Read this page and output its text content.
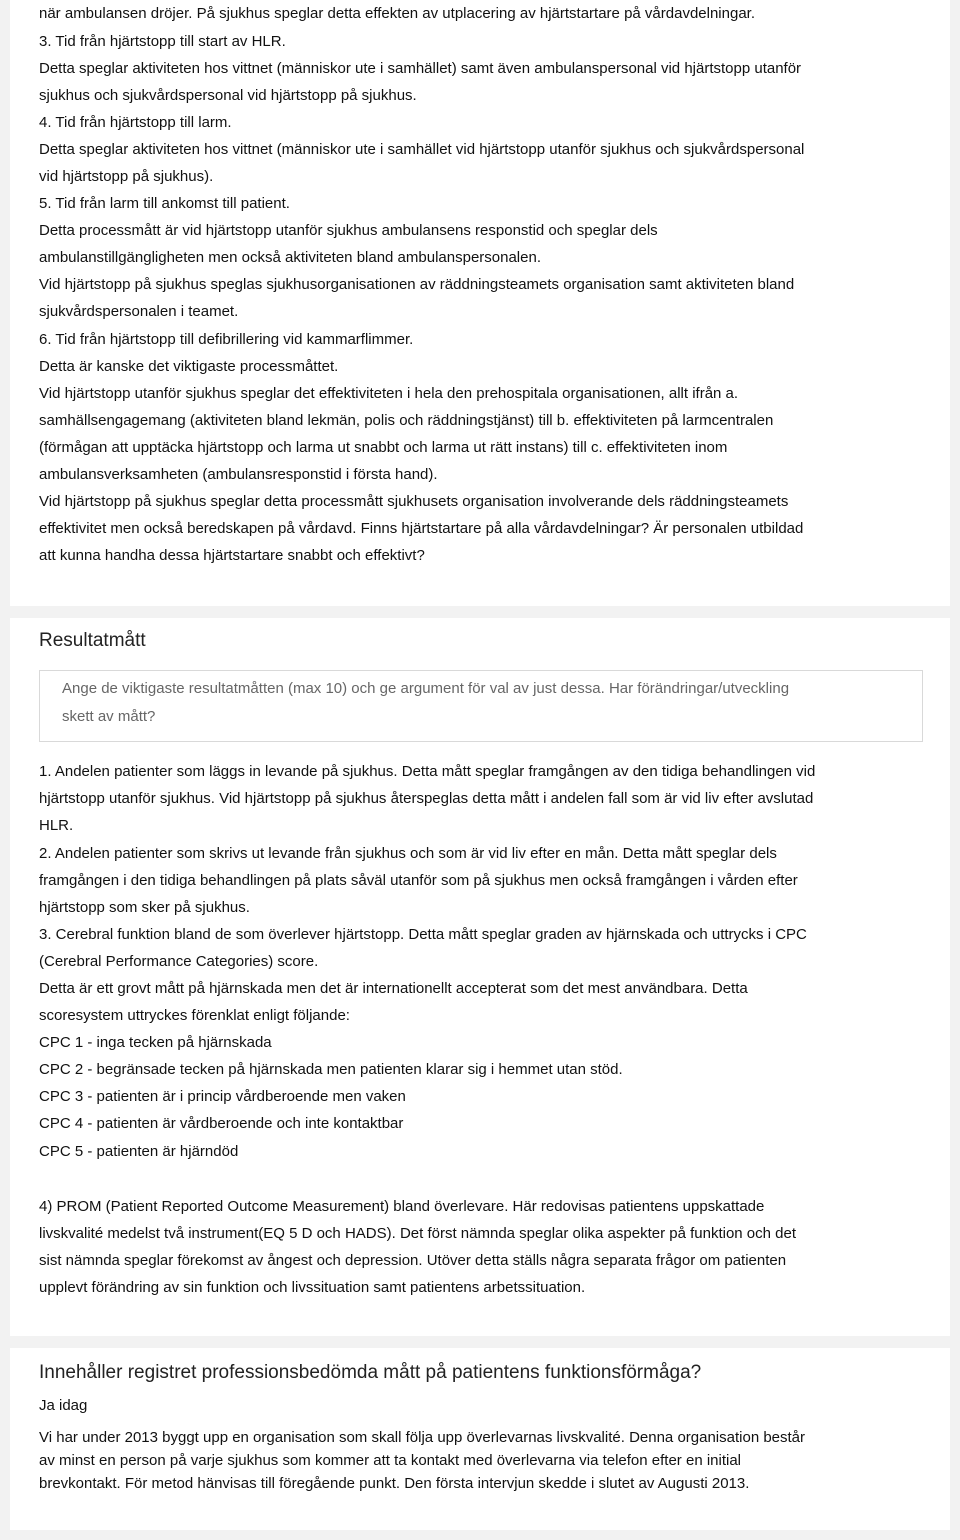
när ambulansen dröjer. På sjukhus speglar detta effekten av utplacering av hjärtstartare på vårdavdelningar.
3. Tid från hjärtstopp till start av HLR.
Detta speglar aktiviteten hos vittnet (människor ute i samhället) samt även ambulanspersonal vid hjärtstopp utanför
sjukhus och sjukvårdspersonal vid hjärtstopp på sjukhus.
4. Tid från hjärtstopp till larm.
Detta speglar aktiviteten hos vittnet (människor ute i samhället vid hjärtstopp utanför sjukhus och sjukvårdspersonal
vid hjärtstopp på sjukhus).
5. Tid från larm till ankomst till patient.
Detta processmått är vid hjärtstopp utanför sjukhus ambulansens responstid och speglar dels
ambulanstillgängligheten men också aktiviteten bland ambulanspersonalen.
Vid hjärtstopp på sjukhus speglas sjukhusorganisationen av räddningsteamets organisation samt aktiviteten bland
sjukvårdspersonalen i teamet.
6. Tid från hjärtstopp till defibrillering vid kammarflimmer.
Detta är kanske det viktigaste processmåttet.
Vid hjärtstopp utanför sjukhus speglar det effektiviteten i hela den prehospitala organisationen, allt ifrån a.
samhällsengagemang (aktiviteten bland lekmän, polis och räddningstjänst) till b. effektiviteten på larmcentralen
(förmågan att upptäcka hjärtstopp och larma ut snabbt och larma ut rätt instans) till c. effektiviteten inom
ambulansverksamheten (ambulansresponstid i första hand).
Vid hjärtstopp på sjukhus speglar detta processmått sjukhusets organisation involverande dels räddningsteamets
effektivitet men också beredskapen på vårdavd. Finns hjärtstartare på alla vårdavdelningar? Är personalen utbildad
att kunna handha dessa hjärtstartare snabbt och effektivt?
Resultatmått
Ange de viktigaste resultatmåtten (max 10) och ge argument för val av just dessa. Har förändringar/utveckling
skett av mått?
1. Andelen patienter som läggs in levande på sjukhus. Detta mått speglar framgången av den tidiga behandlingen vid
hjärtstopp utanför sjukhus. Vid hjärtstopp på sjukhus återspeglas detta mått i andelen fall som är vid liv efter avslutad
HLR.
2. Andelen patienter som skrivs ut levande från sjukhus och som är vid liv efter en mån. Detta mått speglar dels
framgången i den tidiga behandlingen på plats såväl utanför som på sjukhus men också framgången i vården efter
hjärtstopp som sker på sjukhus.
3. Cerebral funktion bland de som överlever hjärtstopp. Detta mått speglar graden av hjärnskada och uttrycks i CPC
(Cerebral Performance Categories) score.
Detta är ett grovt mått på hjärnskada men det är internationellt accepterat som det mest användbara. Detta
scoresystem uttryckes förenklat enligt följande:
CPC 1 - inga tecken på hjärnskada
CPC 2 - begränsade tecken på hjärnskada men patienten klarar sig i hemmet utan stöd.
CPC 3 - patienten är i princip vårdberoende men vaken
CPC 4 - patienten är vårdberoende och inte kontaktbar
CPC 5 - patienten är hjärndöd
4) PROM (Patient Reported Outcome Measurement) bland överlevare. Här redovisas patientens uppskattade
livskvalité medelst två instrument(EQ 5 D och HADS). Det först nämnda speglar olika aspekter på funktion och det
sist nämnda speglar förekomst av ångest och depression. Utöver detta ställs några separata frågor om patienten
upplevt förändring av sin funktion och livssituation samt patientens arbetssituation.
Innehåller registret professionsbedömda mått på patientens funktionsförmåga?
Ja idag
Vi har under 2013 byggt upp en organisation som skall följa upp överlevarnas livskvalité. Denna organisation består
av minst en person på varje sjukhus som kommer att ta kontakt med överlevarna via telefon efter en initial
brevkontakt. För metod hänvisas till föregående punkt. Den första intervjun skedde i slutet av Augusti 2013.
